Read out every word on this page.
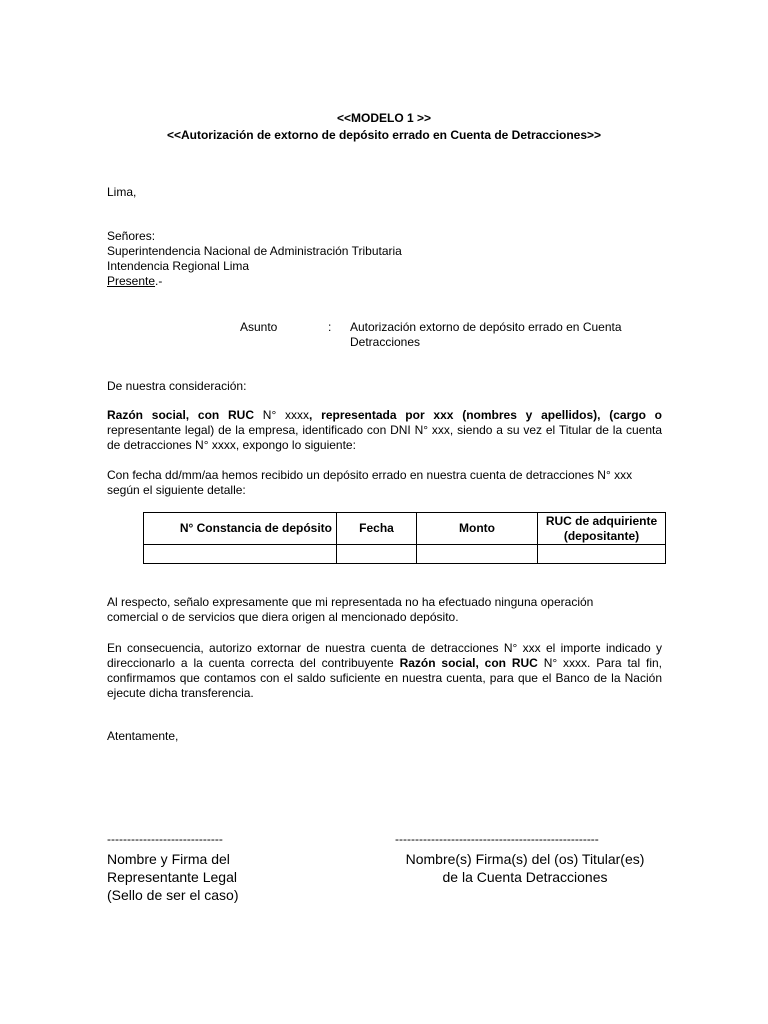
<<MODELO 1 >>
<<Autorización de extorno de depósito errado en Cuenta de Detracciones>>
Lima,
Señores:
Superintendencia Nacional de Administración Tributaria
Intendencia Regional Lima
Presente.-
Asunto	: Autorización extorno de depósito errado en Cuenta Detracciones
De nuestra consideración:

Razón social, con RUC N° xxxx, representada por xxx (nombres y apellidos), (cargo o representante legal) de la empresa, identificado con DNI N° xxx, siendo a su vez el Titular de la cuenta de detracciones N° xxxx, expongo lo siguiente:

Con fecha dd/mm/aa hemos recibido un depósito errado en nuestra cuenta de detracciones N° xxx según el siguiente detalle:

N° Constancia de depósito	Fecha	Monto	RUC de adquiriente (depositante)

Al respecto, señalo expresamente que mi representada no ha efectuado ninguna operación comercial o de servicios que diera origen al mencionado depósito.

En consecuencia, autorizo extornar de nuestra cuenta de detracciones N° xxx el importe indicado y direccionarlo a la cuenta correcta del contribuyente Razón social, con RUC N° xxxx. Para tal fin, confirmamos que contamos con el saldo suficiente en nuestra cuenta, para que el Banco de la Nación ejecute dicha transferencia.

Atentamente,
-----------------------------
Nombre y Firma del
Representante Legal
(Sello de ser el caso)
---------------------------------------------------
Nombre(s) Firma(s) del (os) Titular(es)
de la Cuenta Detracciones
